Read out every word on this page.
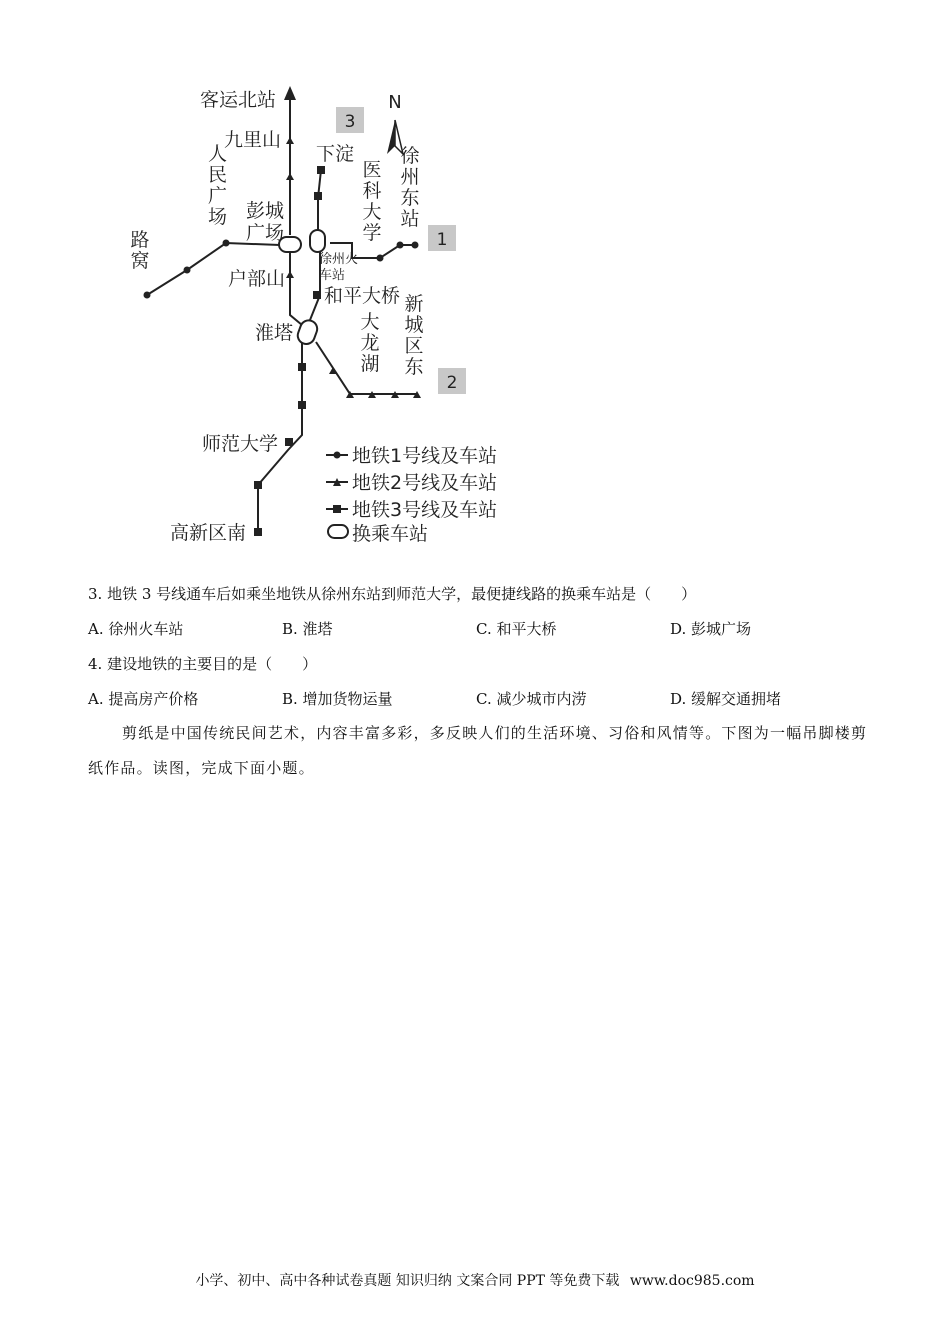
N
3
1
2
客运北站
九里山
下淀
户部山
和平大桥
淮塔
师范大学
高新区南
人民广场
路窝
医科大学
徐州东站
大龙湖
新城区东
彭城广场
徐州火车站
地铁1号线及车站
地铁2号线及车站
地铁3号线及车站
换乘车站
3. 地铁 3 号线通车后如乘坐地铁从徐州东站到师范大学，最便捷线路的换乘车站是（　　）
A. 徐州火车站	B. 淮塔	C. 和平大桥	D. 彭城广场
4. 建设地铁的主要目的是（　　）
A. 提高房产价格	B. 增加货物运量	C. 减少城市内涝	D. 缓解交通拥堵
剪纸是中国传统民间艺术，内容丰富多彩，多反映人们的生活环境、习俗和风情等。下图为一幅吊脚楼剪纸作品。读图，完成下面小题。
小学、初中、高中各种试卷真题 知识归纳 文案合同 PPT 等免费下载 www.doc985.com
